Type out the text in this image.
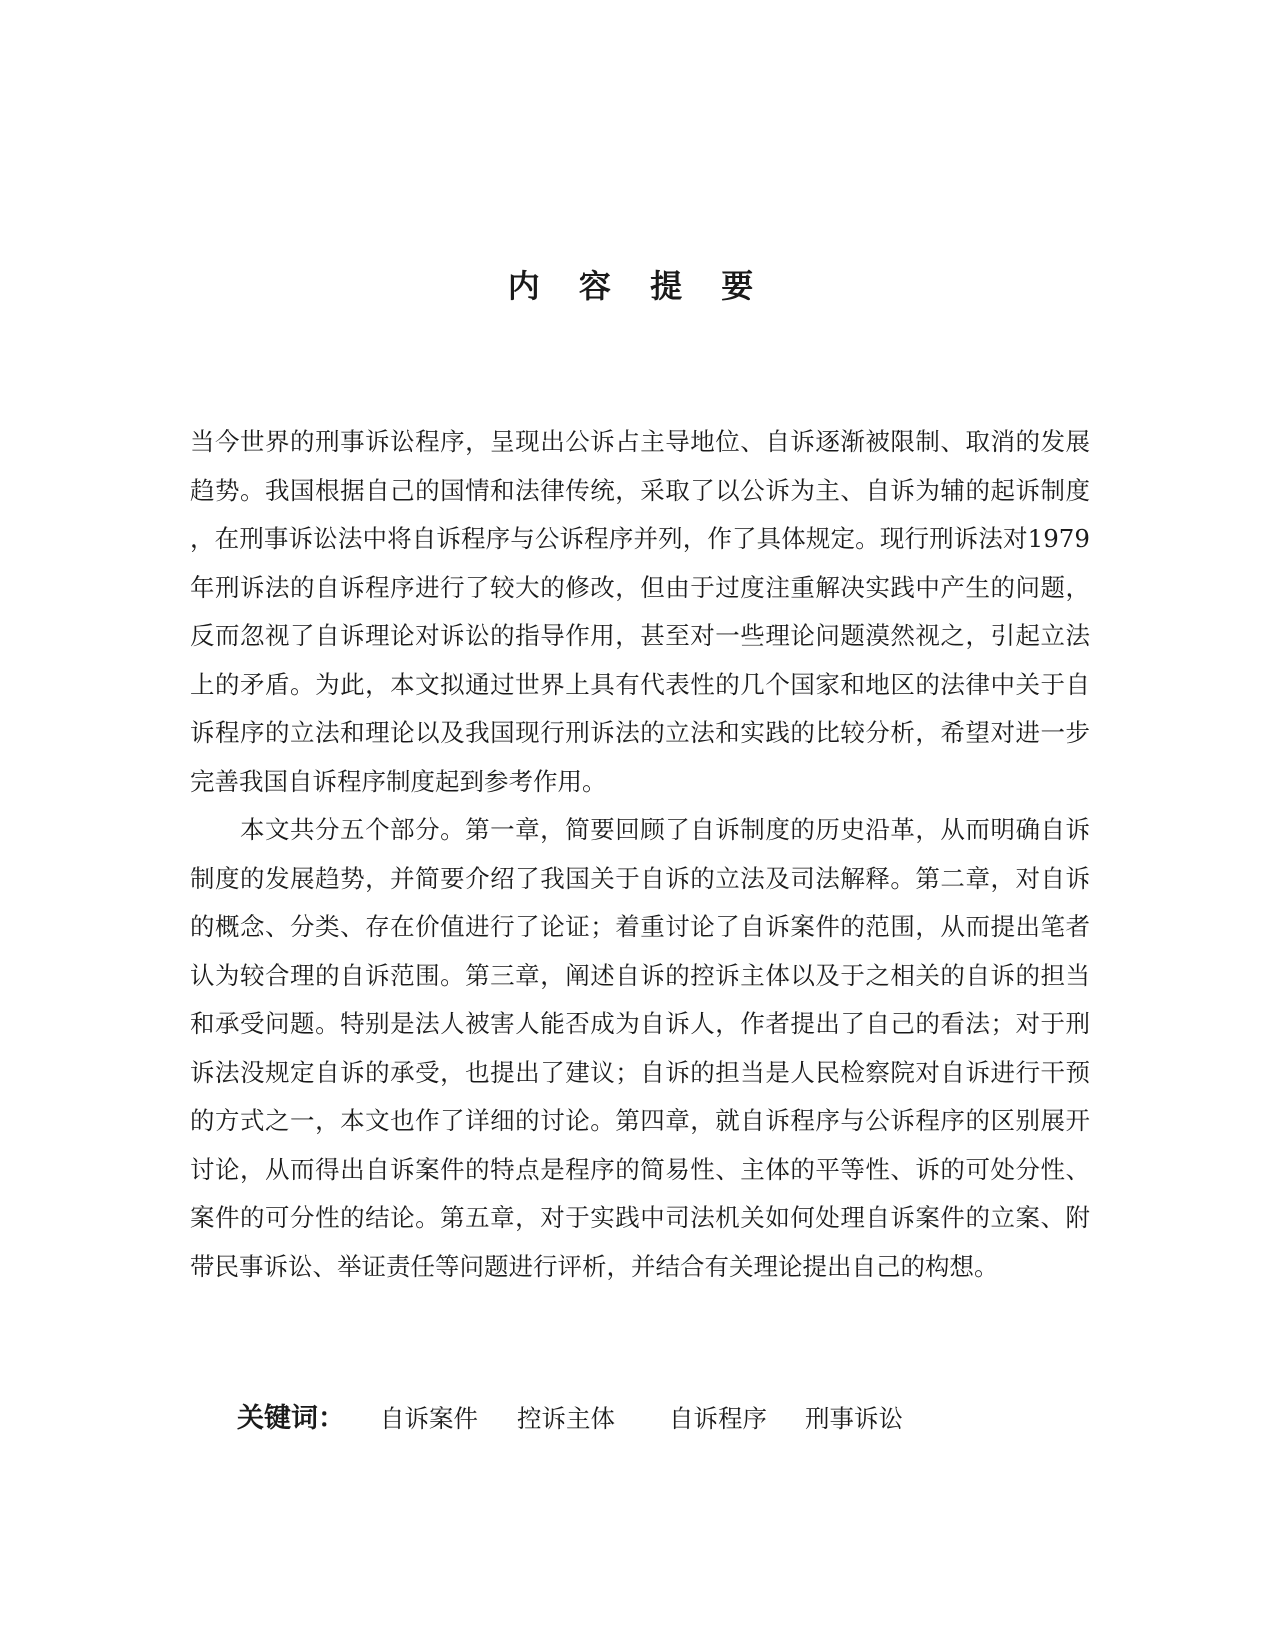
内 容 提 要
当今世界的刑事诉讼程序，呈现出公诉占主导地位、自诉逐渐被限制、取消的发展
趋势。我国根据自己的国情和法律传统，采取了以公诉为主、自诉为辅的起诉制度
，在刑事诉讼法中将自诉程序与公诉程序并列，作了具体规定。现行刑诉法对1979
年刑诉法的自诉程序进行了较大的修改，但由于过度注重解决实践中产生的问题，
反而忽视了自诉理论对诉讼的指导作用，甚至对一些理论问题漠然视之，引起立法
上的矛盾。为此，本文拟通过世界上具有代表性的几个国家和地区的法律中关于自
诉程序的立法和理论以及我国现行刑诉法的立法和实践的比较分析，希望对进一步
完善我国自诉程序制度起到参考作用。
本文共分五个部分。第一章，简要回顾了自诉制度的历史沿革，从而明确自诉
制度的发展趋势，并简要介绍了我国关于自诉的立法及司法解释。第二章，对自诉
的概念、分类、存在价值进行了论证；着重讨论了自诉案件的范围，从而提出笔者
认为较合理的自诉范围。第三章，阐述自诉的控诉主体以及于之相关的自诉的担当
和承受问题。特别是法人被害人能否成为自诉人，作者提出了自己的看法；对于刑
诉法没规定自诉的承受，也提出了建议；自诉的担当是人民检察院对自诉进行干预
的方式之一，本文也作了详细的讨论。第四章，就自诉程序与公诉程序的区别展开
讨论，从而得出自诉案件的特点是程序的简易性、主体的平等性、诉的可处分性、
案件的可分性的结论。第五章，对于实践中司法机关如何处理自诉案件的立案、附
带民事诉讼、举证责任等问题进行评析，并结合有关理论提出自己的构想。
关键词： 自诉案件 控诉主体 自诉程序 刑事诉讼
